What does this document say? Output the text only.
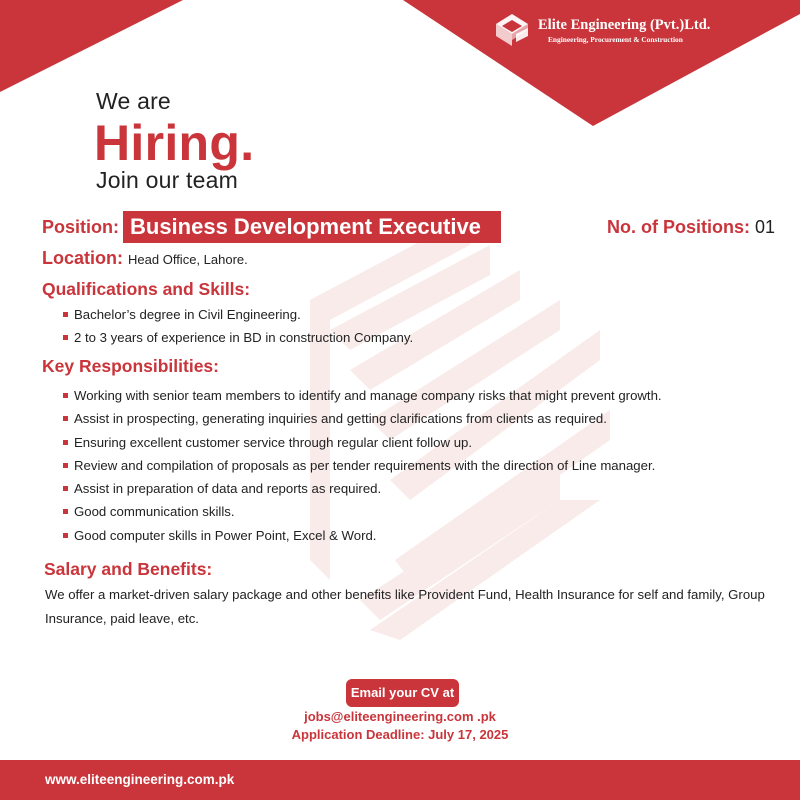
Elite Engineering (Pvt.)Ltd.
Engineering, Procurement & Construction
We are
Hiring.
Join our team
Position: Business Development Executive	No. of Positions: 01
Location: Head Office, Lahore.
Qualifications and Skills:
Bachelor’s degree in Civil Engineering.
2 to 3 years of experience in BD in construction Company.
Key Responsibilities:
Working with senior team members to identify and manage company risks that might prevent growth.
Assist in prospecting, generating inquiries and getting clarifications from clients as required.
Ensuring excellent customer service through regular client follow up.
Review and compilation of proposals as per tender requirements with the direction of Line manager.
Assist in preparation of data and reports as required.
Good communication skills.
Good computer skills in Power Point, Excel & Word.
Salary and Benefits:
We offer a market-driven salary package and other benefits like Provident Fund, Health Insurance for self and family, Group Insurance, paid leave, etc.
Email your CV at
jobs@eliteengineering.com .pk
Application Deadline: July 17, 2025
www.eliteengineering.com.pk
